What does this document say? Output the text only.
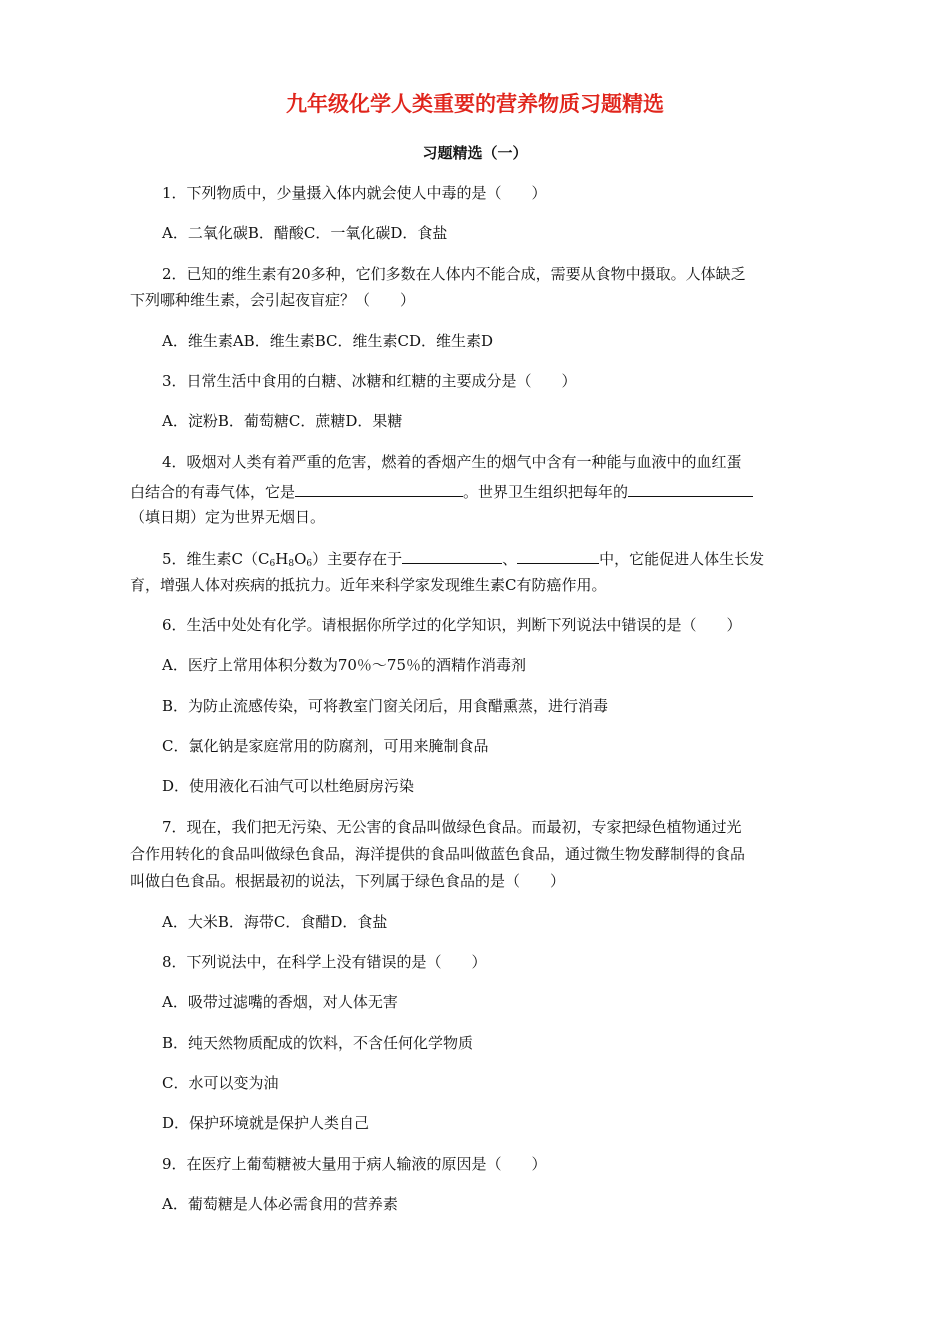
九年级化学人类重要的营养物质习题精选
习题精选（一）
1．下列物质中，少量摄入体内就会使人中毒的是（　　）
A．二氧化碳B．醋酸C．一氧化碳D．食盐
2．已知的维生素有20多种，它们多数在人体内不能合成，需要从食物中摄取。人体缺乏
下列哪种维生素，会引起夜盲症？（　　）
A．维生素AB．维生素BC．维生素CD．维生素D
3．日常生活中食用的白糖、冰糖和红糖的主要成分是（　　）
A．淀粉B．葡萄糖C．蔗糖D．果糖
4．吸烟对人类有着严重的危害，燃着的香烟产生的烟气中含有一种能与血液中的血红蛋
白结合的有毒气体，它是	。世界卫生组织把每年的
（填日期）定为世界无烟日。
5．维生素$C(C_6H_8O_6)$主要存在于	、	中，它能促进人体生长发
育，增强人体对疾病的抵抗力。近年来科学家发现维生素C有防癌作用。
6．生活中处处有化学。请根据你所学过的化学知识，判断下列说法中错误的是（　　）
A．医疗上常用体积分数为70％～75％的酒精作消毒剂
B．为防止流感传染，可将教室门窗关闭后，用食醋熏蒸，进行消毒
C．氯化钠是家庭常用的防腐剂，可用来腌制食品
D．使用液化石油气可以杜绝厨房污染
7．现在，我们把无污染、无公害的食品叫做绿色食品。而最初，专家把绿色植物通过光
合作用转化的食品叫做绿色食品，海洋提供的食品叫做蓝色食品，通过微生物发酵制得的食品
叫做白色食品。根据最初的说法，下列属于绿色食品的是（　　）
A．大米B．海带C．食醋D．食盐
8．下列说法中，在科学上没有错误的是（　　）
A．吸带过滤嘴的香烟，对人体无害
B．纯天然物质配成的饮料，不含任何化学物质
C．水可以变为油
D．保护环境就是保护人类自己
9．在医疗上葡萄糖被大量用于病人输液的原因是（　　）
A．葡萄糖是人体必需食用的营养素
